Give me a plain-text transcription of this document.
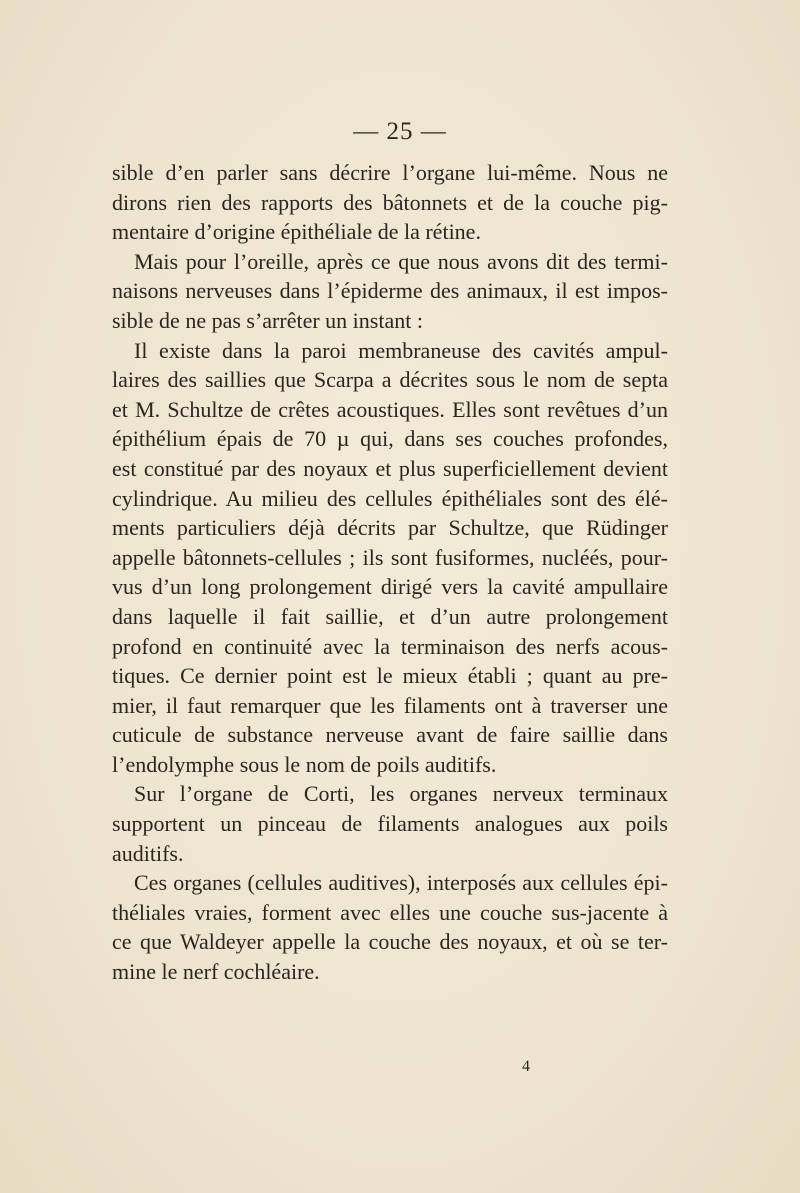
— 25 —
sible d’en parler sans décrire l’organe lui-même. Nous ne
dirons rien des rapports des bâtonnets et de la couche pig-
mentaire d’origine épithéliale de la rétine.
Mais pour l’oreille, après ce que nous avons dit des termi-
naisons nerveuses dans l’épiderme des animaux, il est impos-
sible de ne pas s’arrêter un instant :
Il existe dans la paroi membraneuse des cavités ampul-
laires des saillies que Scarpa a décrites sous le nom de septa
et M. Schultze de crêtes acoustiques. Elles sont revêtues d’un
épithélium épais de 70 µ qui, dans ses couches profondes,
est constitué par des noyaux et plus superficiellement devient
cylindrique. Au milieu des cellules épithéliales sont des élé-
ments particuliers déjà décrits par Schultze, que Rüdinger
appelle bâtonnets-cellules ; ils sont fusiformes, nucléés, pour-
vus d’un long prolongement dirigé vers la cavité ampullaire
dans laquelle il fait saillie, et d’un autre prolongement
profond en continuité avec la terminaison des nerfs acous-
tiques. Ce dernier point est le mieux établi ; quant au pre-
mier, il faut remarquer que les filaments ont à traverser une
cuticule de substance nerveuse avant de faire saillie dans
l’endolymphe sous le nom de poils auditifs.
Sur l’organe de Corti, les organes nerveux terminaux
supportent un pinceau de filaments analogues aux poils
auditifs.
Ces organes (cellules auditives), interposés aux cellules épi-
théliales vraies, forment avec elles une couche sus-jacente à
ce que Waldeyer appelle la couche des noyaux, et où se ter-
mine le nerf cochléaire.
4
